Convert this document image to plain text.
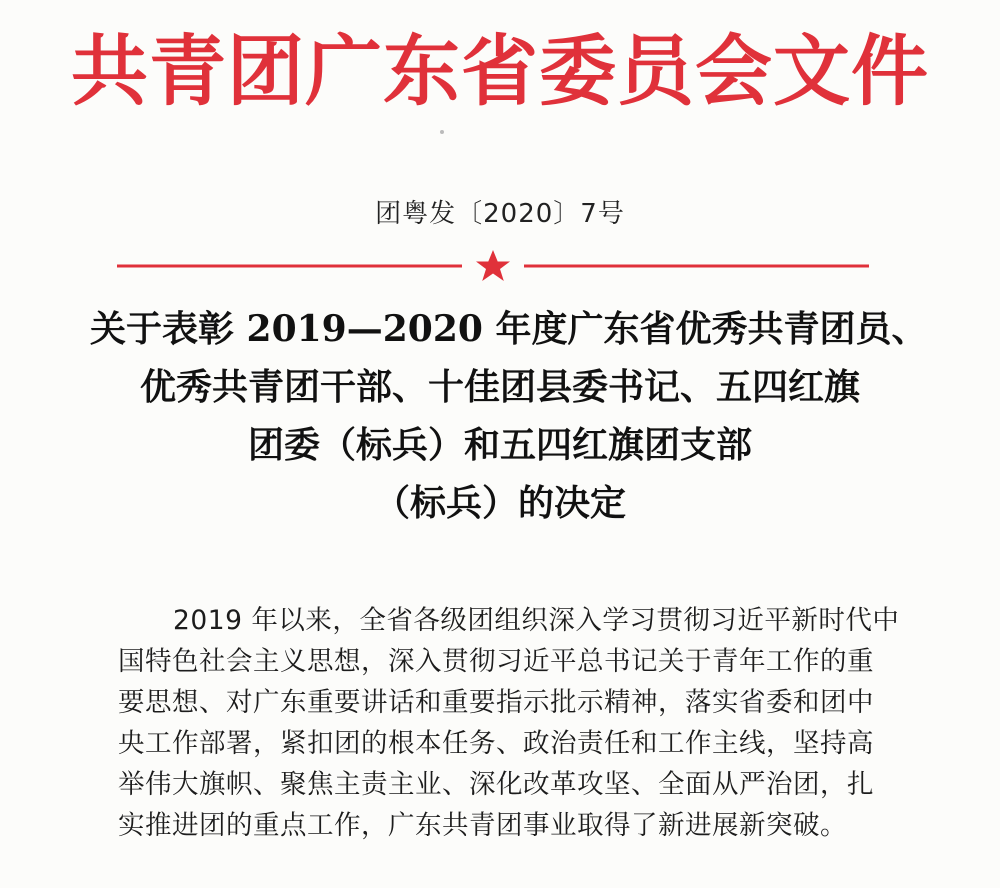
共青团广东省委员会文件
团粤发〔2020〕7号
关于表彰 2019—2020 年度广东省优秀共青团员、
优秀共青团干部、十佳团县委书记、五四红旗
团委（标兵）和五四红旗团支部
（标兵）的决定
2019 年以来，全省各级团组织深入学习贯彻习近平新时代中
国特色社会主义思想，深入贯彻习近平总书记关于青年工作的重
要思想、对广东重要讲话和重要指示批示精神，落实省委和团中
央工作部署，紧扣团的根本任务、政治责任和工作主线，坚持高
举伟大旗帜、聚焦主责主业、深化改革攻坚、全面从严治团，扎
实推进团的重点工作，广东共青团事业取得了新进展新突破。
